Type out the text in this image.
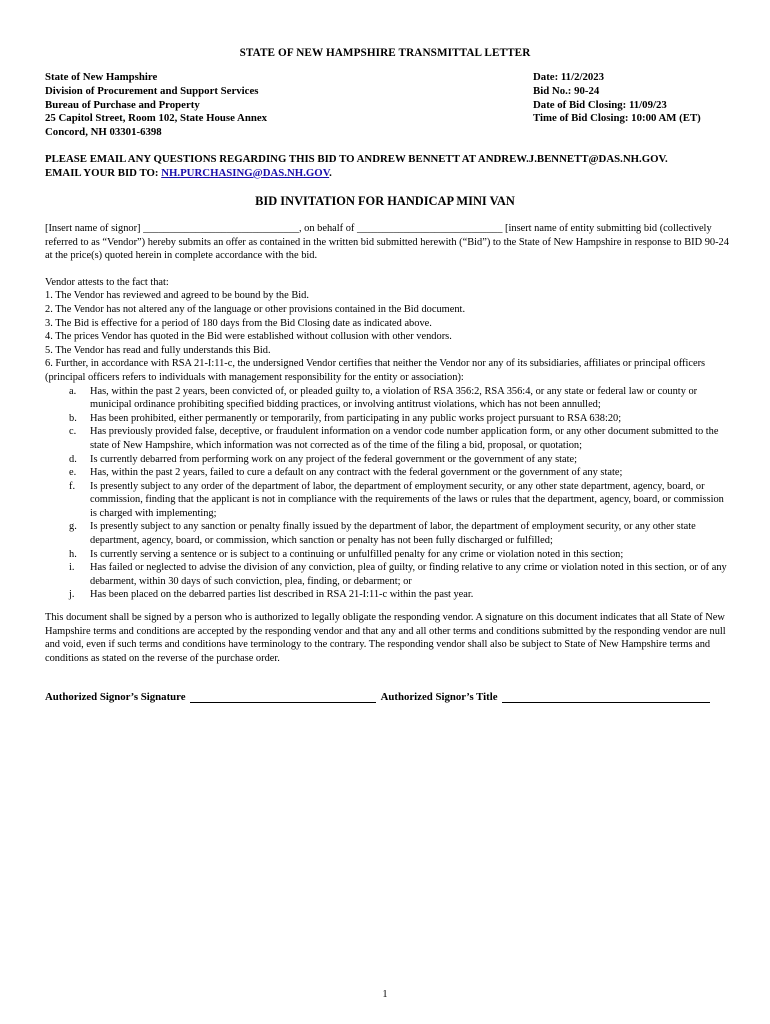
STATE OF NEW HAMPSHIRE TRANSMITTAL LETTER
State of New Hampshire
Division of Procurement and Support Services
Bureau of Purchase and Property
25 Capitol Street, Room 102, State House Annex
Concord, NH 03301-6398
Date: 11/2/2023
Bid No.: 90-24
Date of Bid Closing: 11/09/23
Time of Bid Closing: 10:00 AM (ET)
PLEASE EMAIL ANY QUESTIONS REGARDING THIS BID TO ANDREW BENNETT AT ANDREW.J.BENNETT@DAS.NH.GOV.
EMAIL YOUR BID TO: NH.PURCHASING@DAS.NH.GOV.
BID INVITATION FOR HANDICAP MINI VAN

[Insert name of signor] ______________________________, on behalf of ____________________________ [insert name of entity submitting bid (collectively referred to as “Vendor”) hereby submits an offer as contained in the written bid submitted herewith (“Bid”) to the State of New Hampshire in response to BID 90-24 at the price(s) quoted herein in complete accordance with the bid.

Vendor attests to the fact that:

1. The Vendor has reviewed and agreed to be bound by the Bid.
2. The Vendor has not altered any of the language or other provisions contained in the Bid document.
3. The Bid is effective for a period of 180 days from the Bid Closing date as indicated above.
4. The prices Vendor has quoted in the Bid were established without collusion with other vendors.
5. The Vendor has read and fully understands this Bid.

6. Further, in accordance with RSA 21-I:11-c, the undersigned Vendor certifies that neither the Vendor nor any of its subsidiaries, affiliates or principal officers (principal officers refers to individuals with management responsibility for the entity or association):

a.	Has, within the past 2 years, been convicted of, or pleaded guilty to, a violation of RSA 356:2, RSA 356:4, or any state or federal law or county or municipal ordinance prohibiting specified bidding practices, or involving antitrust violations, which has not been annulled;
b.	Has been prohibited, either permanently or temporarily, from participating in any public works project pursuant to RSA 638:20;
c.	Has previously provided false, deceptive, or fraudulent information on a vendor code number application form, or any other document submitted to the state of New Hampshire, which information was not corrected as of the time of the filing a bid, proposal, or quotation;
d.	Is currently debarred from performing work on any project of the federal government or the government of any state;
e.	Has, within the past 2 years, failed to cure a default on any contract with the federal government or the government of any state;
f.	Is presently subject to any order of the department of labor, the department of employment security, or any other state department, agency, board, or commission, finding that the applicant is not in compliance with the requirements of the laws or rules that the department, agency, board, or commission is charged with implementing;
g.	Is presently subject to any sanction or penalty finally issued by the department of labor, the department of employment security, or any other state department, agency, board, or commission, which sanction or penalty has not been fully discharged or fulfilled;
h.	Is currently serving a sentence or is subject to a continuing or unfulfilled penalty for any crime or violation noted in this section;
i.	Has failed or neglected to advise the division of any conviction, plea of guilty, or finding relative to any crime or violation noted in this section, or of any debarment, within 30 days of such conviction, plea, finding, or debarment; or
j.	Has been placed on the debarred parties list described in RSA 21-I:11-c within the past year.
This document shall be signed by a person who is authorized to legally obligate the responding vendor. A signature on this document indicates that all State of New Hampshire terms and conditions are accepted by the responding vendor and that any and all other terms and conditions submitted by the responding vendor are null and void, even if such terms and conditions have terminology to the contrary. The responding vendor shall also be subject to State of New Hampshire terms and conditions as stated on the reverse of the purchase order.
Authorized Signor’s Signature	Authorized Signor’s Title
1
